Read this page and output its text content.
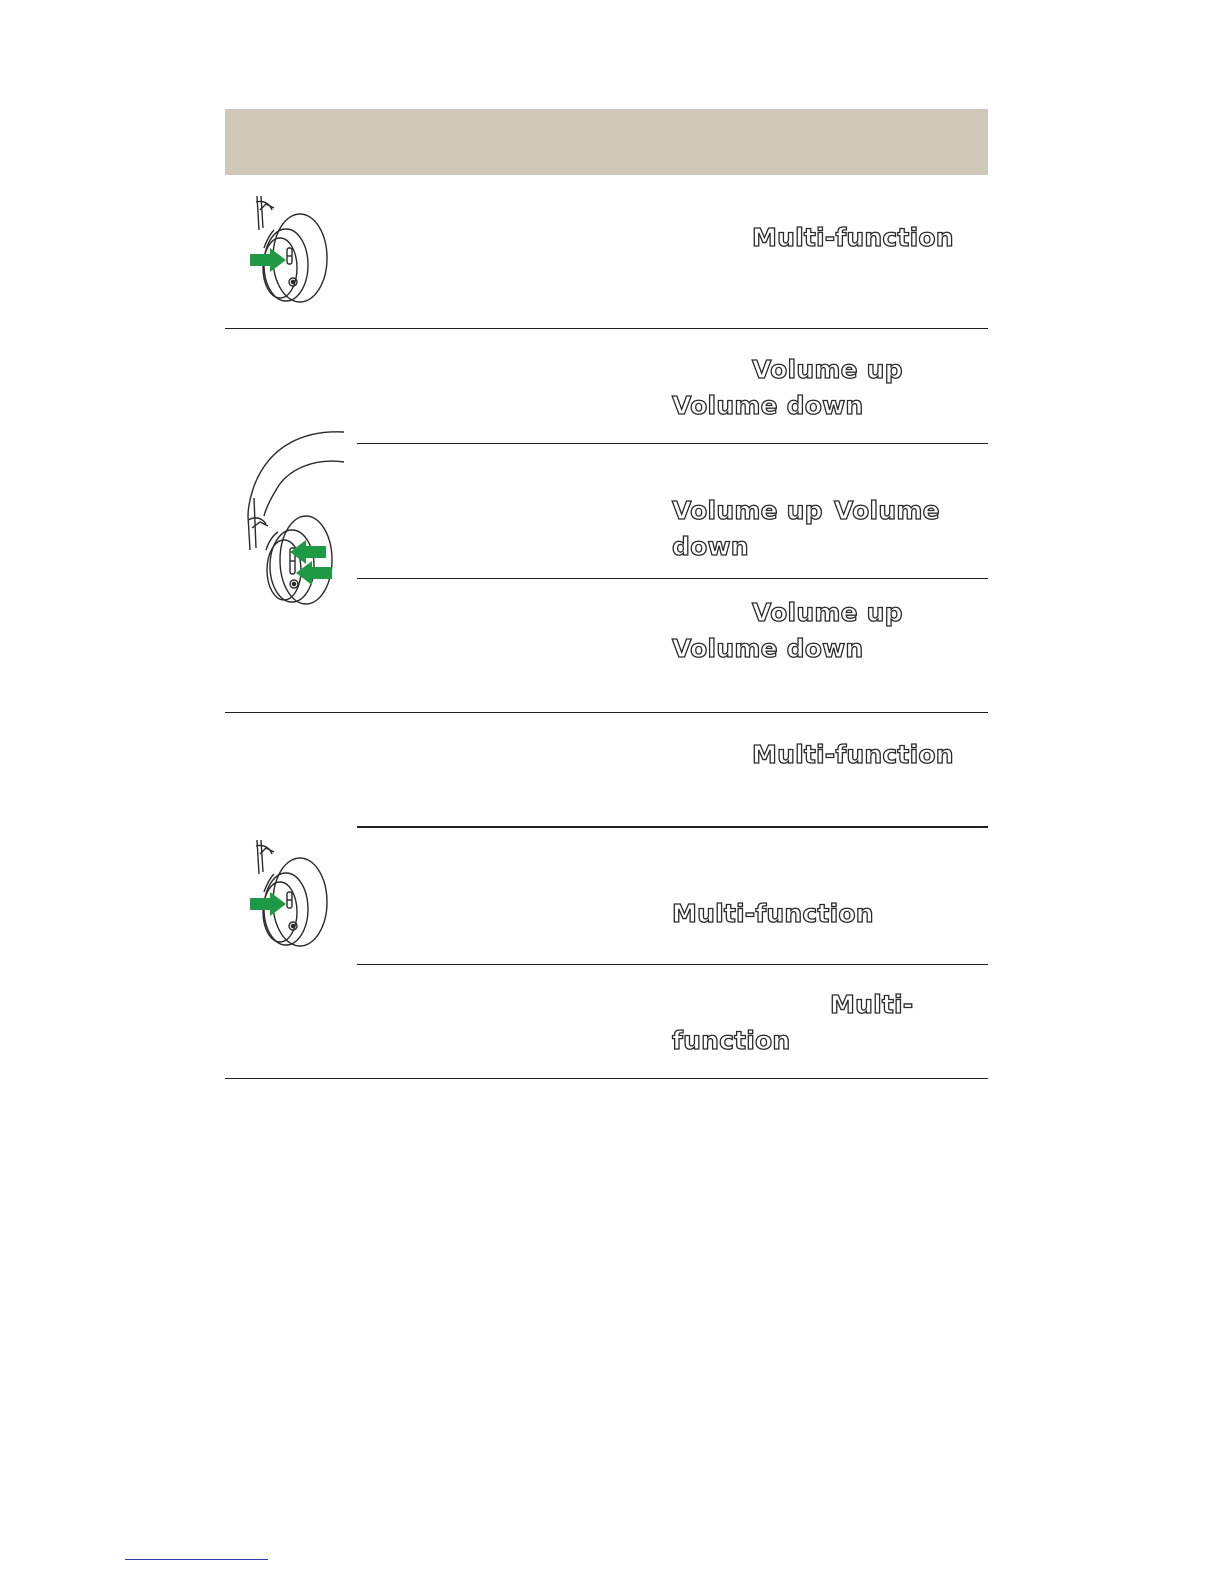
Multi-function
Volume up
Volume down
Volume up Volume
down
Volume up
Volume down
Multi-function
Multi-function
Multi-
function
